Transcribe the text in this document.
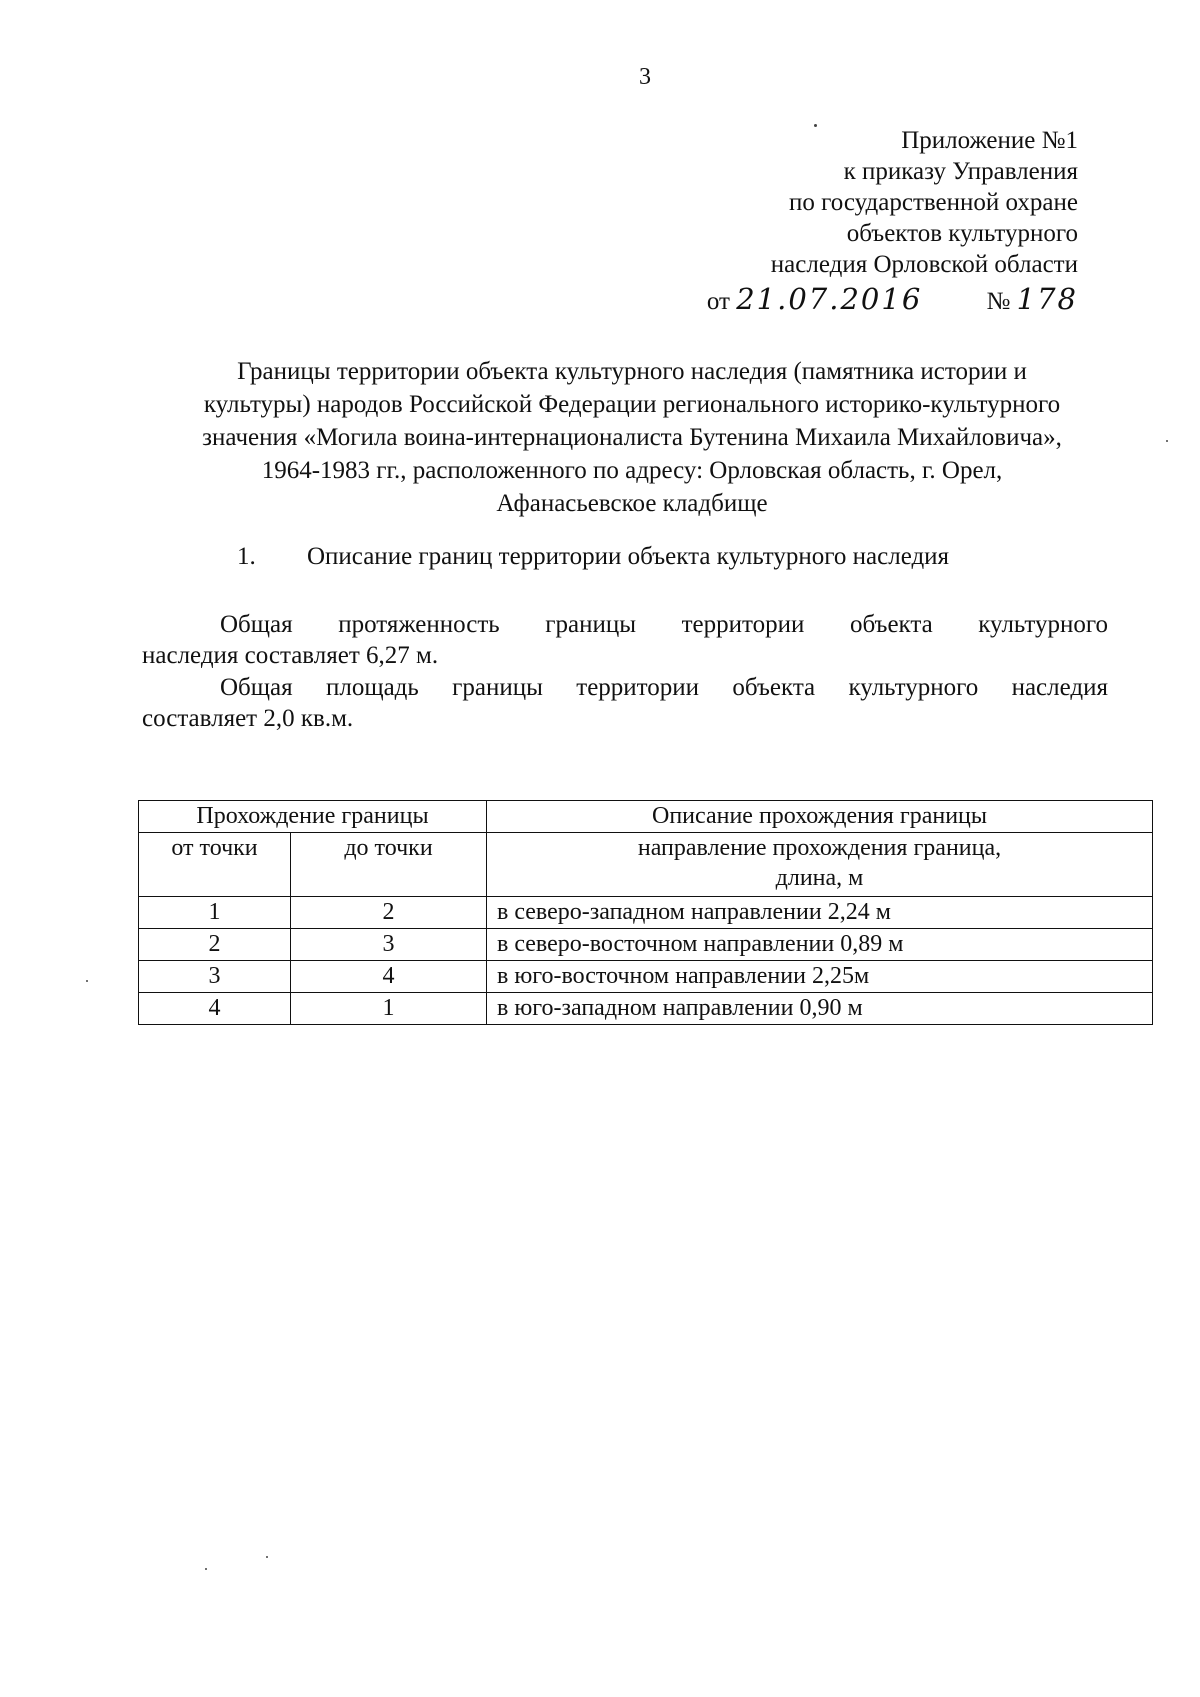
3
Приложение №1
к приказу Управления
по государственной охране
объектов культурного
наследия Орловской области
от 21.07.2016	№ 178
Границы территории объекта культурного наследия (памятника истории и
культуры) народов Российской Федерации регионального историко-культурного
значения «Могила воина-интернационалиста Бутенина Михаила Михайловича»,
1964-1983 гг., расположенного по адресу: Орловская область, г. Орел,
Афанасьевское кладбище
1. Описание границ территории объекта культурного наследия
Общая протяженность границы территории объекта культурного
наследия составляет 6,27 м.
Общая площадь границы территории объекта культурного наследия
составляет 2,0 кв.м.
Прохождение границы		Описание прохождения границы
от точки	до точки	направление прохождения граница,
длина, м

1	2	в северо-западном направлении 2,24 м
2	3	в северо-восточном направлении 0,89 м
3	4	в юго-восточном направлении 2,25м
4	1	в юго-западном направлении 0,90 м
